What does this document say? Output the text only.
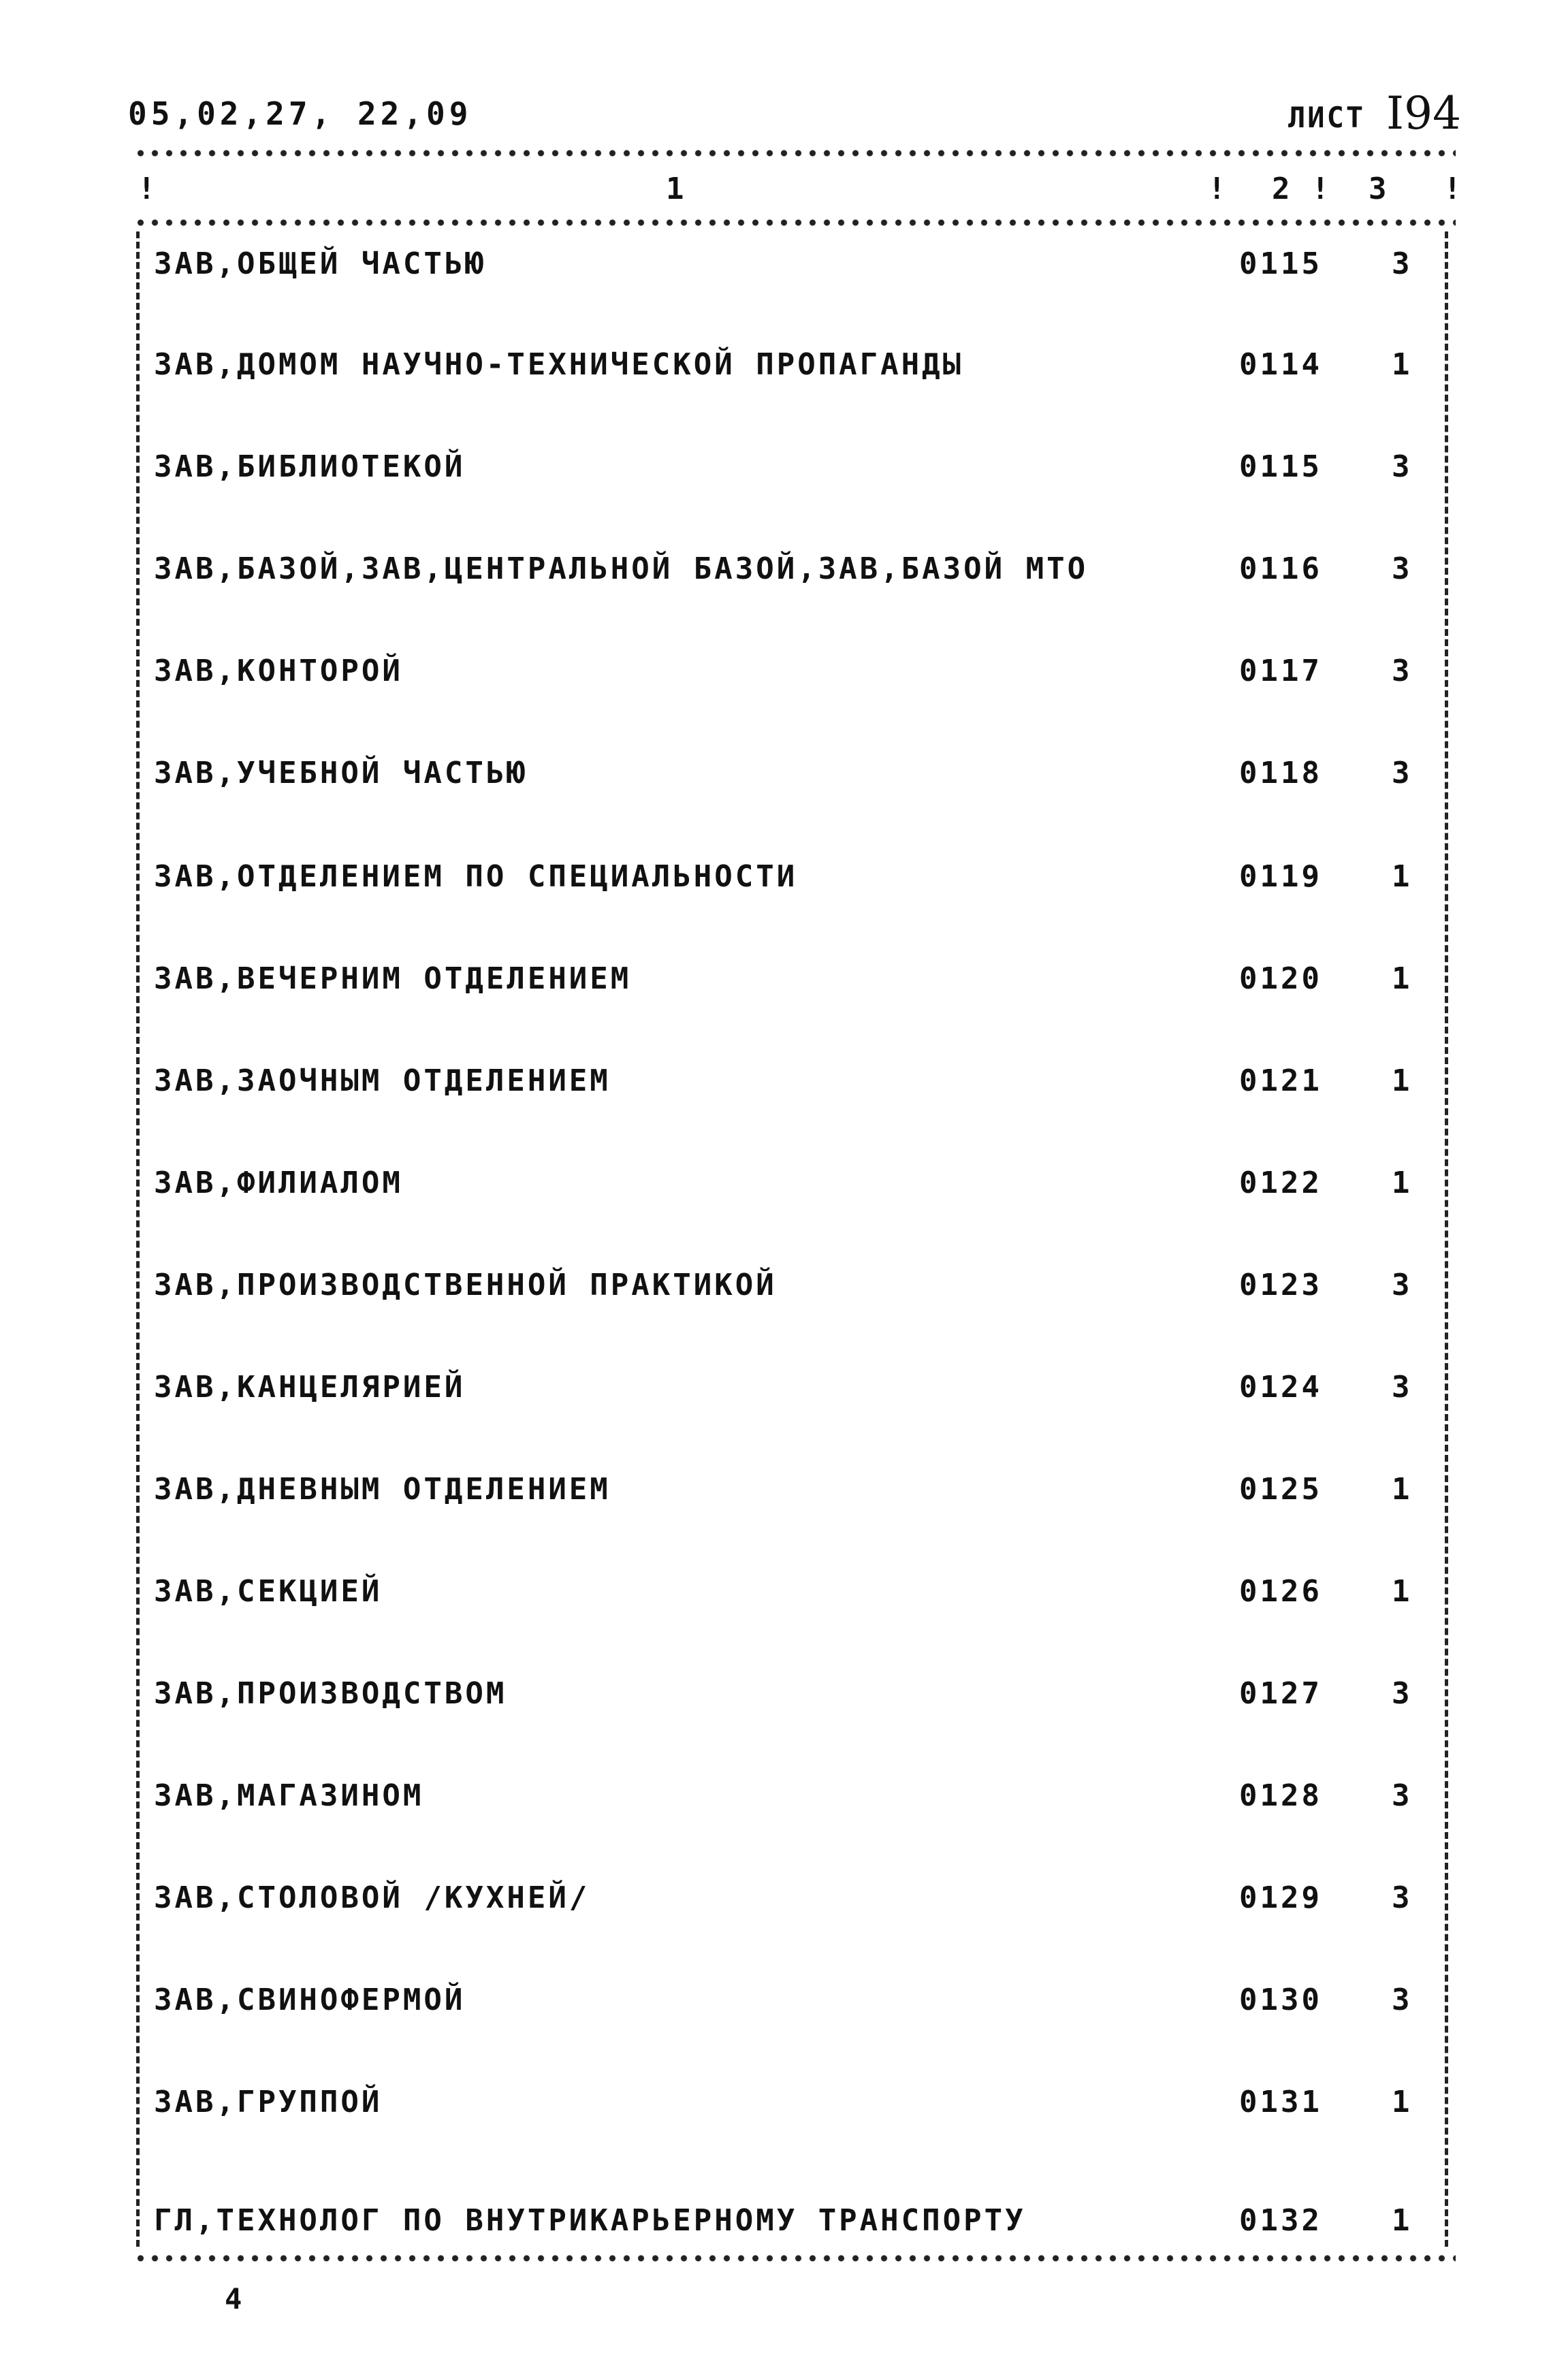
05,02,27, 22,09	ЛИСТ I94
!	1	! 2 ! 3 !
ЗАВ,ОБЩЕЙ ЧАСТЬЮ	0115 3
ЗАВ,ДОМОМ НАУЧНО-ТЕХНИЧЕСКОЙ ПРОПАГАНДЫ	0114 1
ЗАВ,БИБЛИОТЕКОЙ	0115 3
ЗАВ,БАЗОЙ,ЗАВ,ЦЕНТРАЛЬНОЙ БАЗОЙ,ЗАВ,БАЗОЙ МТО	0116 3
ЗАВ,КОНТОРОЙ	0117 3
ЗАВ,УЧЕБНОЙ ЧАСТЬЮ	0118 3
ЗАВ,ОТДЕЛЕНИЕМ ПО СПЕЦИАЛЬНОСТИ	0119 1
ЗАВ,ВЕЧЕРНИМ ОТДЕЛЕНИЕМ	0120 1
ЗАВ,ЗАОЧНЫМ ОТДЕЛЕНИЕМ	0121 1
ЗАВ,ФИЛИАЛОМ	0122 1
ЗАВ,ПРОИЗВОДСТВЕННОЙ ПРАКТИКОЙ	0123 3
ЗАВ,КАНЦЕЛЯРИЕЙ	0124 3
ЗАВ,ДНЕВНЫМ ОТДЕЛЕНИЕМ	0125 1
ЗАВ,СЕКЦИЕЙ	0126 1
ЗАВ,ПРОИЗВОДСТВОМ	0127 3
ЗАВ,МАГАЗИНОМ	0128 3
ЗАВ,СТОЛОВОЙ /КУХНЕЙ/	0129 3
ЗАВ,СВИНОФЕРМОЙ	0130 3
ЗАВ,ГРУППОЙ	0131 1
ГЛ,ТЕХНОЛОГ ПО ВНУТРИКАРЬЕРНОМУ ТРАНСПОРТУ	0132 1
4
